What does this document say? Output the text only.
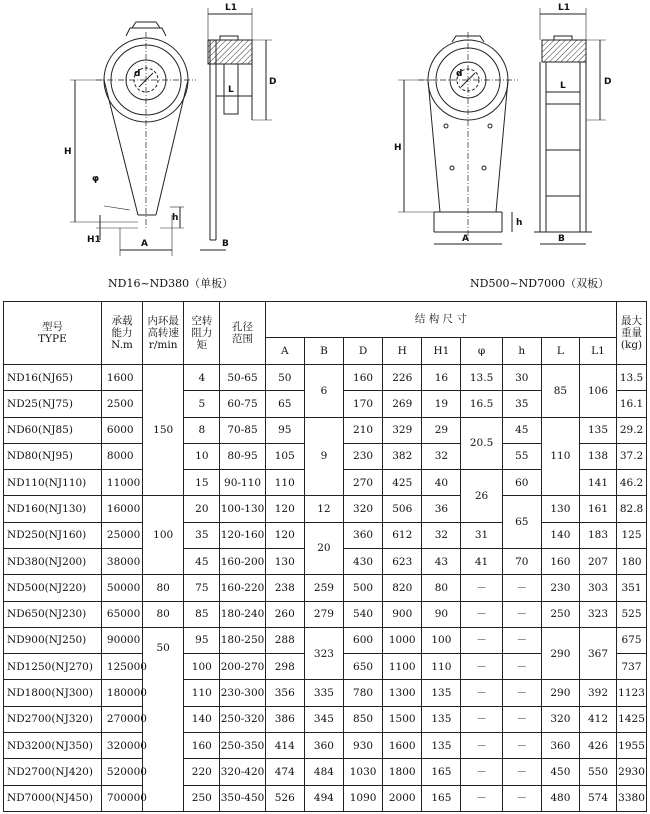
L1
L
D
H
φ
H1	A
h
B
d
L1
L	D
H
A
h
B
d
ND16~ND380（单板）	ND500~ND7000（双板）
型号
TYPE	承载
能力
N.m	内环最
高转速
r/min	空转
阻力
矩	孔径
范围	结 构 尺 寸									最大
重量
(kg)

					A	B	D	H	H1	φ	h	L	L1	
ND16(NJ65)	1600	150	4	50-65	50	6	160	226	16	13.5	30	85	106	13.5
ND25(NJ75)	2500		5	60-75	65		170	269	19	16.5	35			16.1
ND60(NJ85)	6000		8	70-85	95	9	210	329	29	20.5	45	110	135	29.2
ND80(NJ95)	8000		10	80-95	105		230	382	32		55		138	37.2
ND110(NJ110)	11000		15	90-110	110		270	425	40	26	60		141	46.2
ND160(NJ130)	16000	100	20	100-130	120	12	320	506	36		65	130	161	82.8
ND250(NJ160)	25000		35	120-160	120	20	360	612	32	31		140	183	125
ND380(NJ200)	38000		45	160-200	130		430	623	43	41	70	160	207	180
ND500(NJ220)	50000	80	75	160-220	238	259	500	820	80	－	－	230	303	351
ND650(NJ230)	65000	80	85	180-240	260	279	540	900	90	－	－	250	323	525
ND900(NJ250)	90000	50	95	180-250	288	323	600	1000	100	－	－	290	367	675
ND1250(NJ270)	125000		100	200-270	298		650	1100	110	－	－			737
ND1800(NJ300)	180000		110	230-300	356	335	780	1300	135	－	－	290	392	1123
ND2700(NJ320)	270000		140	250-320	386	345	850	1500	135	－	－	320	412	1425
ND3200(NJ350)	320000		160	250-350	414	360	930	1600	135	－	－	360	426	1955
ND2700(NJ420)	520000		220	320-420	474	484	1030	1800	165	－	－	450	550	2930
ND7000(NJ450)	700000		250	350-450	526	494	1090	2000	165	－	－	480	574	3380
